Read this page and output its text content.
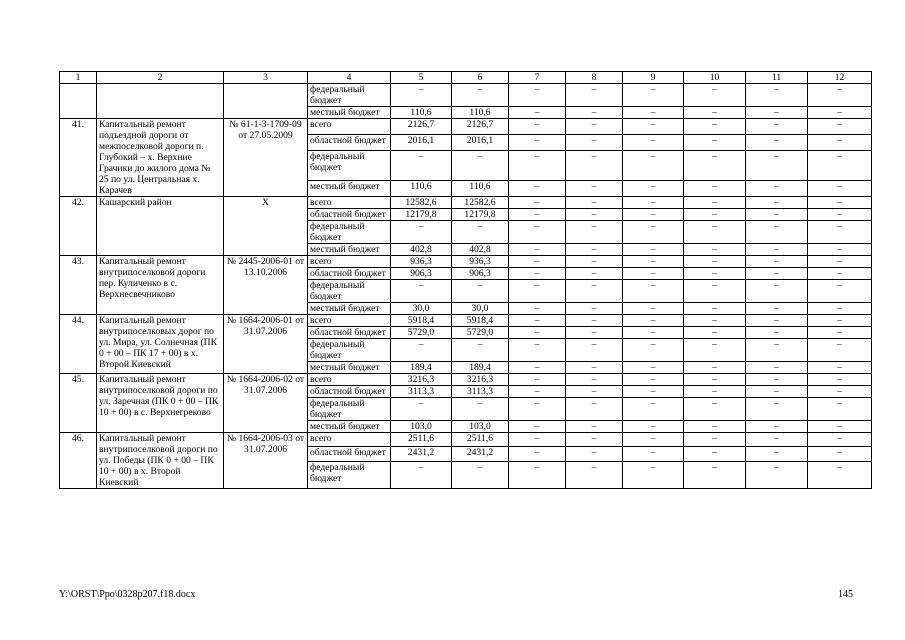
1	2	3	4	5	6	7	8	9	10	11	12
			федеральный бюджет	–	–	–	–	–	–	–	–
			местный бюджет	110,6	110,6	–	–	–	–	–	–
41.	Капитальный ремонт подъездной дороги от межпоселковой дороги п. Глубокий – х. Верхние Грачики до жилого дома № 25 по ул. Центральная х. Карачев	№ 61-1-3-1709-09 от 27.05.2009	всего	2126,7	2126,7	–	–	–	–	–	–
			областной бюджет	2016,1	2016,1	–	–	–	–	–	–
			федеральный бюджет	–	–	–	–	–	–	–	–
			местный бюджет	110,6	110,6	–	–	–	–	–	–
42.	Кашарский район	Х	всего	12582,6	12582,6	–	–	–	–	–	–
			областной бюджет	12179,8	12179,8	–	–	–	–	–	–
			федеральный бюджет	–	–	–	–	–	–	–	–
			местный бюджет	402,8	402,8	–	–	–	–	–	–
43.	Капитальный ремонт внутрипоселковой дороги пер. Куличенко в с. Верхнесвечниково	№ 2445-2006-01 от 13.10.2006	всего	936,3	936,3	–	–	–	–	–	–
			областной бюджет	906,3	906,3	–	–	–	–	–	–
			федеральный бюджет	–	–	–	–	–	–	–	–
			местный бюджет	30,0	30,0	–	–	–	–	–	–
44.	Капитальный ремонт внутрипоселковых дорог по ул. Мира, ул. Солнечная (ПК 0 + 00 – ПК 17 + 00) в х. Второй Киевский	№ 1664-2006-01 от 31.07.2006	всего	5918,4	5918,4	–	–	–	–	–	–
			областной бюджет	5729,0	5729,0	–	–	–	–	–	–
			федеральный бюджет	–	–	–	–	–	–	–	–
			местный бюджет	189,4	189,4	–	–	–	–	–	–
45.	Капитальный ремонт внутрипоселковой дороги по ул. Заречная (ПК 0 + 00 – ПК 10 + 00) в с. Верхнегреково	№ 1664-2006-02 от 31.07.2006	всего	3216,3	3216,3	–	–	–	–	–	–
			областной бюджет	3113,3	3113,3	–	–	–	–	–	–
			федеральный бюджет	–	–	–	–	–	–	–	–
			местный бюджет	103,0	103,0	–	–	–	–	–	–
46.	Капитальный ремонт внутрипоселковой дороги по ул. Победы (ПК 0 + 00 – ПК 10 + 00) в х. Второй Киевский	№ 1664-2006-03 от 31.07.2006	всего	2511,6	2511,6	–	–	–	–	–	–
			областной бюджет	2431,2	2431,2	–	–	–	–	–	–
			федеральный бюджет	–	–	–	–	–	–	–	–
Y:\ORST\Ppo\0328p207.f18.docx	145
